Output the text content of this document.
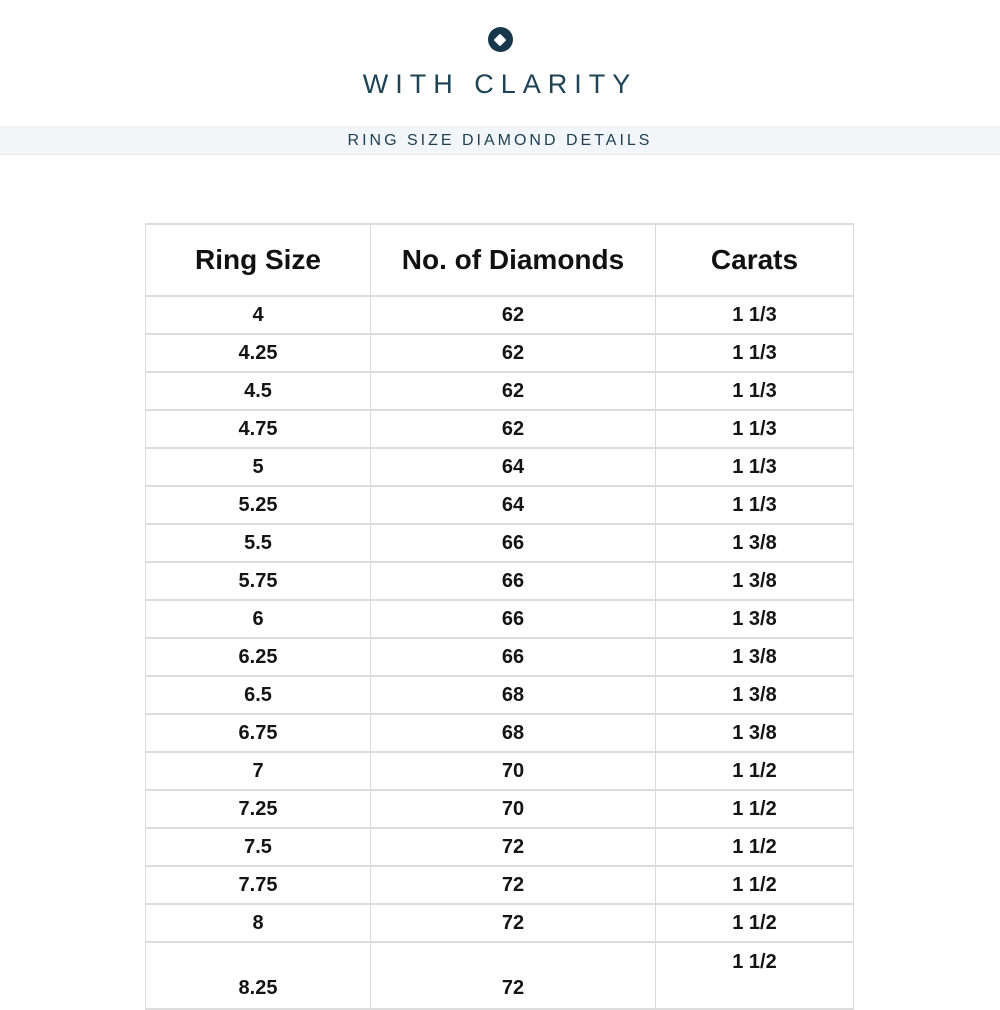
WITH CLARITY
RING SIZE DIAMOND DETAILS
Ring Size	No. of Diamonds	Carats
4	62	1 1/3
4.25	62	1 1/3
4.5	62	1 1/3
4.75	62	1 1/3
5	64	1 1/3
5.25	64	1 1/3
5.5	66	1 3/8
5.75	66	1 3/8
6	66	1 3/8
6.25	66	1 3/8
6.5	68	1 3/8
6.75	68	1 3/8
7	70	1 1/2
7.25	70	1 1/2
7.5	72	1 1/2
7.75	72	1 1/2
8	72	1 1/2
8.25	72	1 1/2
